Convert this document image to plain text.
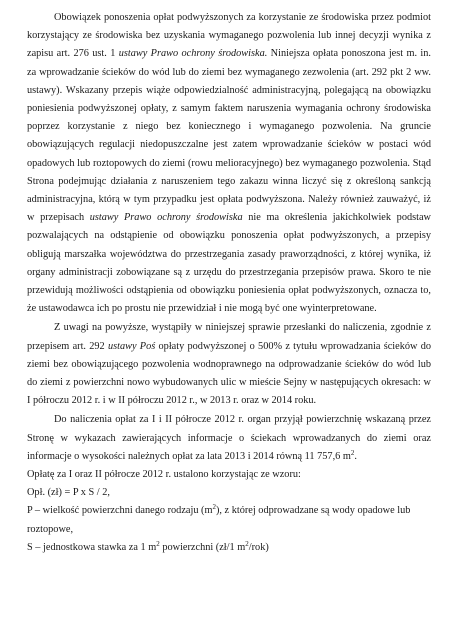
Obowiązek ponoszenia opłat podwyższonych za korzystanie ze środowiska przez podmiot korzystający ze środowiska bez uzyskania wymaganego pozwolenia lub innej decyzji wynika z zapisu art. 276 ust. 1 ustawy Prawo ochrony środowiska. Niniejsza opłata ponoszona jest m. in. za wprowadzanie ścieków do wód lub do ziemi bez wymaganego zezwolenia (art. 292 pkt 2 ww. ustawy). Wskazany przepis wiąże odpowiedzialność administracyjną, polegającą na obowiązku poniesienia podwyższonej opłaty, z samym faktem naruszenia wymagania ochrony środowiska poprzez korzystanie z niego bez koniecznego i wymaganego pozwolenia. Na gruncie obowiązujących regulacji niedopuszczalne jest zatem wprowadzanie ścieków w postaci wód opadowych lub roztopowych do ziemi (rowu melioracyjnego) bez wymaganego pozwolenia. Stąd Strona podejmując działania z naruszeniem tego zakazu winna liczyć się z określoną sankcją administracyjna, którą w tym przypadku jest opłata podwyższona. Należy również zauważyć, iż w przepisach ustawy Prawo ochrony środowiska nie ma określenia jakichkolwiek podstaw pozwalających na odstąpienie od obowiązku ponoszenia opłat podwyższonych, a przepisy obligują marszałka województwa do przestrzegania zasady praworządności, z której wynika, iż organy administracji zobowiązane są z urzędu do przestrzegania przepisów prawa. Skoro te nie przewidują możliwości odstąpienia od obowiązku poniesienia opłat podwyższonych, oznacza to, że ustawodawca ich po prostu nie przewidział i nie mogą być one wyinterpretowane.

Z uwagi na powyższe, wystąpiły w niniejszej sprawie przesłanki do naliczenia, zgodnie z przepisem art. 292 ustawy Poś opłaty podwyższonej o 500% z tytułu wprowadzania ścieków do ziemi bez obowiązującego pozwolenia wodnoprawnego na odprowadzanie ścieków do wód lub do ziemi z powierzchni nowo wybudowanych ulic w mieście Sejny w następujących okresach: w I półroczu 2012 r. i w II półroczu 2012 r., w 2013 r. oraz w 2014 roku.

Do naliczenia opłat za I i II półrocze 2012 r. organ przyjął powierzchnię wskazaną przez Stronę w wykazach zawierających informacje o ściekach wprowadzanych do ziemi oraz informacje o wysokości należnych opłat za lata 2013 i 2014 równą 11 757,6 $m^2$.

Opłatę za I oraz II półrocze 2012 r. ustalono korzystając ze wzoru:

Opł. (zł) = P x S / 2,

P – wielkość powierzchni danego rodzaju $(m^2)$, z której odprowadzane są wody opadowe lub

roztopowe,

S – jednostkowa stawka za 1 $m^2$ powierzchni (zł/1 $m^2/rok$)
